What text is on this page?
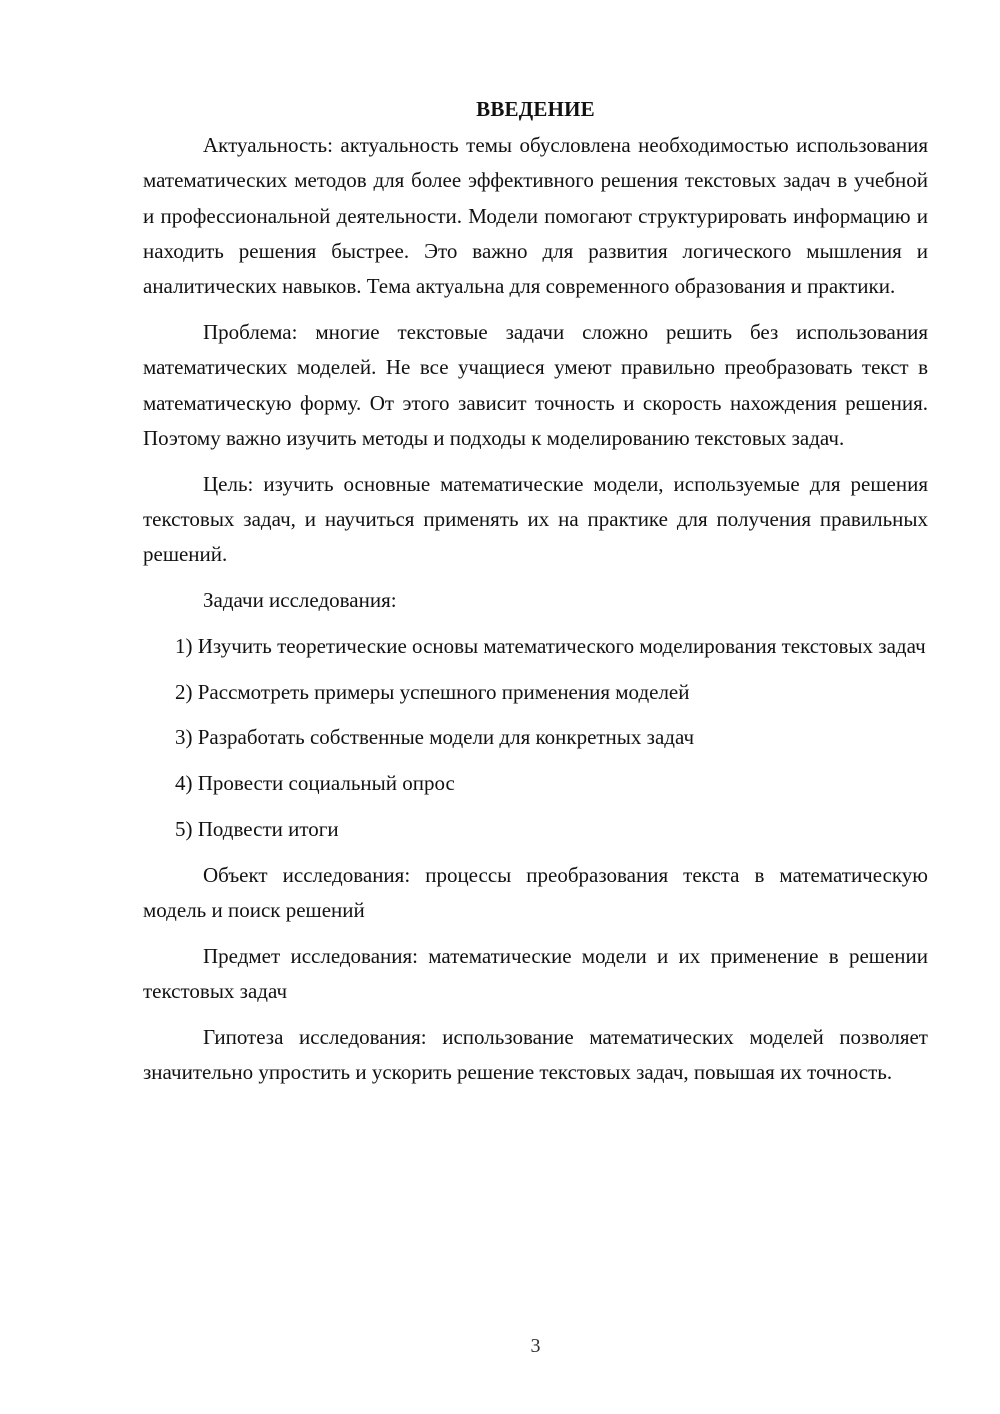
ВВЕДЕНИЕ

Актуальность: актуальность темы обусловлена необходимостью использования математических методов для более эффективного решения текстовых задач в учебной и профессиональной деятельности. Модели помогают структурировать информацию и находить решения быстрее. Это важно для развития логического мышления и аналитических навыков. Тема актуальна для современного образования и практики.

Проблема: многие текстовые задачи сложно решить без использования математических моделей. Не все учащиеся умеют правильно преобразовать текст в математическую форму. От этого зависит точность и скорость нахождения решения. Поэтому важно изучить методы и подходы к моделированию текстовых задач.

Цель: изучить основные математические модели, используемые для решения текстовых задач, и научиться применять их на практике для получения правильных решений.

Задачи исследования:

1) Изучить теоретические основы математического моделирования текстовых задач

2) Рассмотреть примеры успешного применения моделей

3) Разработать собственные модели для конкретных задач

4) Провести социальный опрос

5) Подвести итоги

Объект исследования: процессы преобразования текста в математическую модель и поиск решений

Предмет исследования: математические модели и их применение в решении текстовых задач

Гипотеза исследования: использование математических моделей позволяет значительно упростить и ускорить решение текстовых задач, повышая их точность.

3
